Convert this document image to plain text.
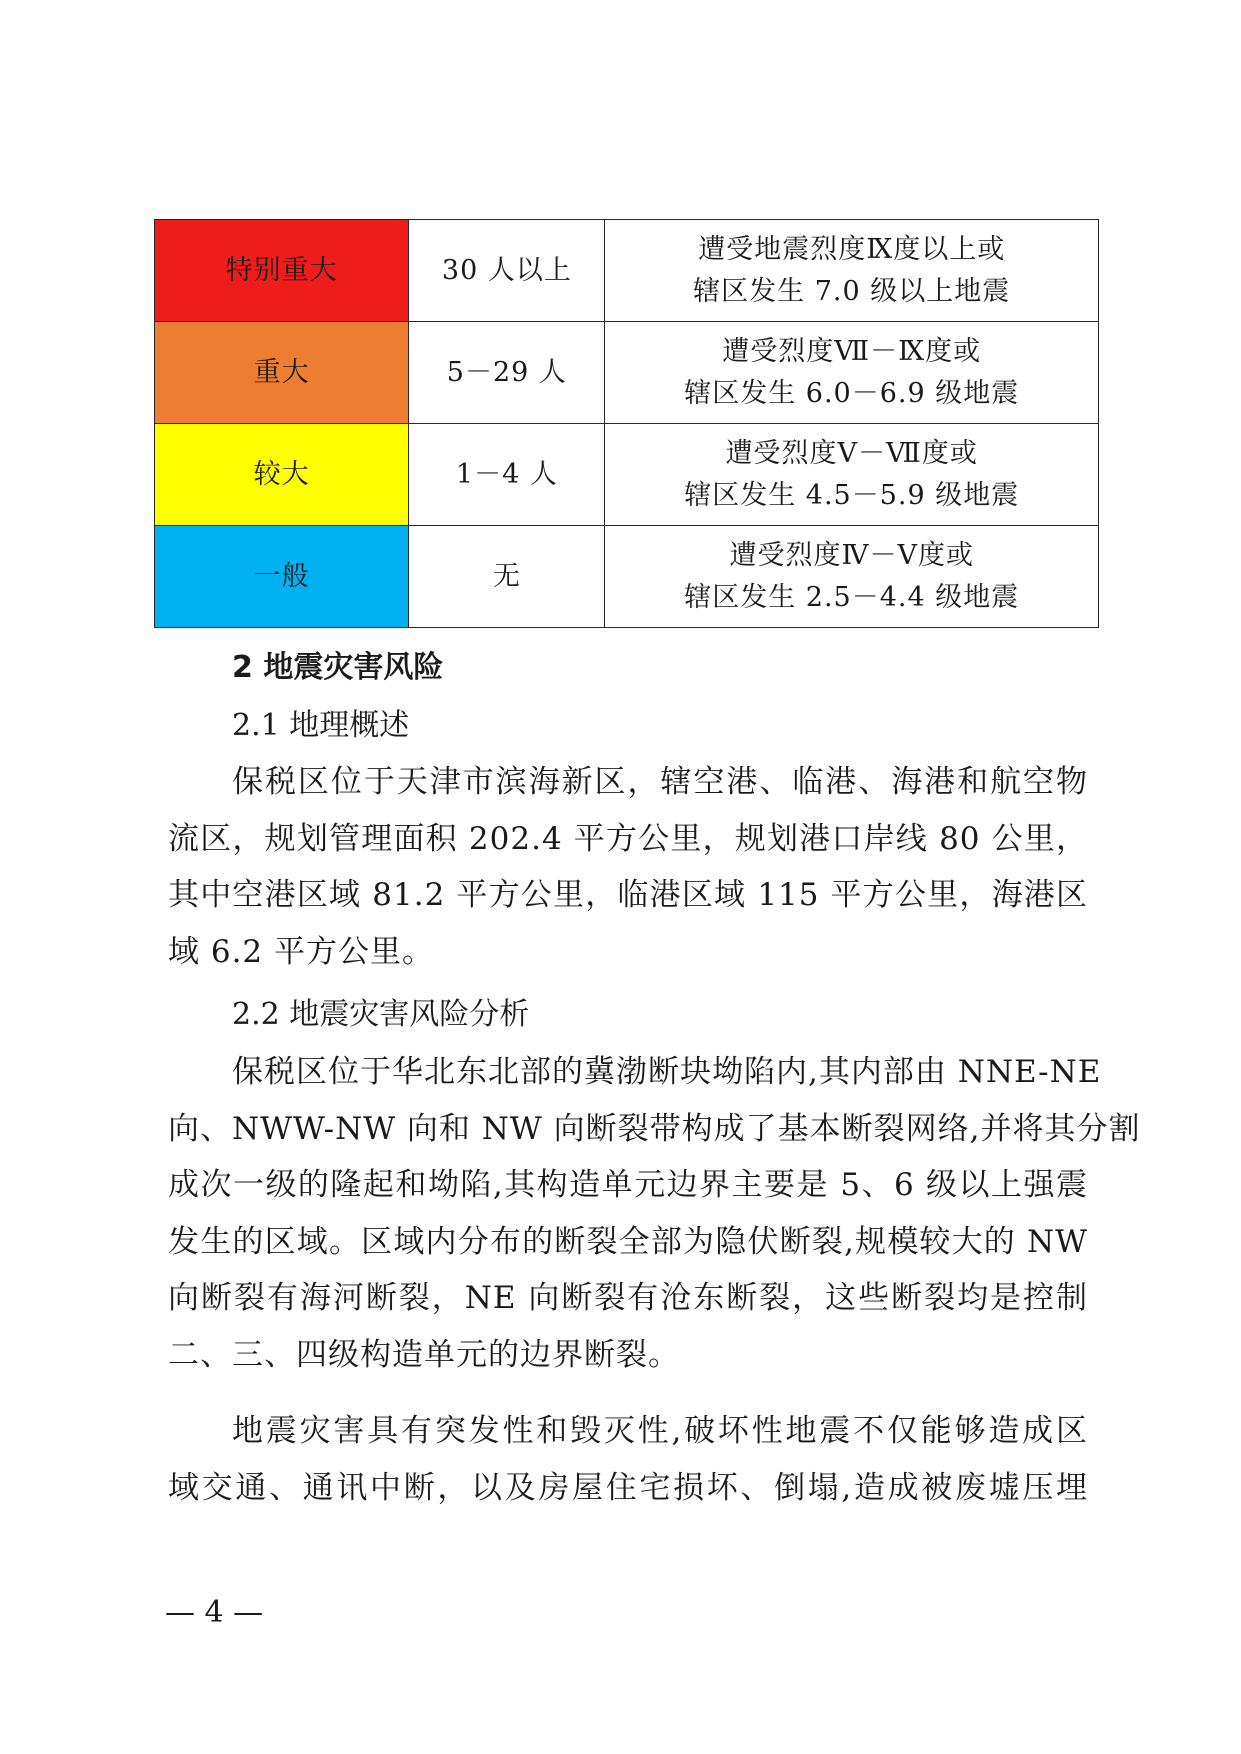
特别重大	30 人以上	遭受地震烈度Ⅸ度以上或
辖区发生 7.0 级以上地震
重大	5－29 人	遭受烈度Ⅶ－Ⅸ度或
辖区发生 6.0－6.9 级地震
较大	1－4 人	遭受烈度Ⅴ－Ⅶ度或
辖区发生 4.5－5.9 级地震
一般	无	遭受烈度Ⅳ－Ⅴ度或
辖区发生 2.5－4.4 级地震
2 地震灾害风险
2.1 地理概述
保税区位于天津市滨海新区，辖空港、临港、海港和航空物
流区，规划管理面积 202.4 平方公里，规划港口岸线 80 公里，
其中空港区域 81.2 平方公里，临港区域 115 平方公里，海港区
域 6.2 平方公里。
2.2 地震灾害风险分析
保税区位于华北东北部的冀渤断块坳陷内,其内部由 NNE-NE
向、NWW-NW 向和 NW 向断裂带构成了基本断裂网络,并将其分割
成次一级的隆起和坳陷,其构造单元边界主要是 5、6 级以上强震
发生的区域。区域内分布的断裂全部为隐伏断裂,规模较大的 NW
向断裂有海河断裂，NE 向断裂有沧东断裂，这些断裂均是控制
二、三、四级构造单元的边界断裂。
地震灾害具有突发性和毁灭性,破坏性地震不仅能够造成区
域交通、通讯中断，以及房屋住宅损坏、倒塌,造成被废墟压埋
— 4 —
